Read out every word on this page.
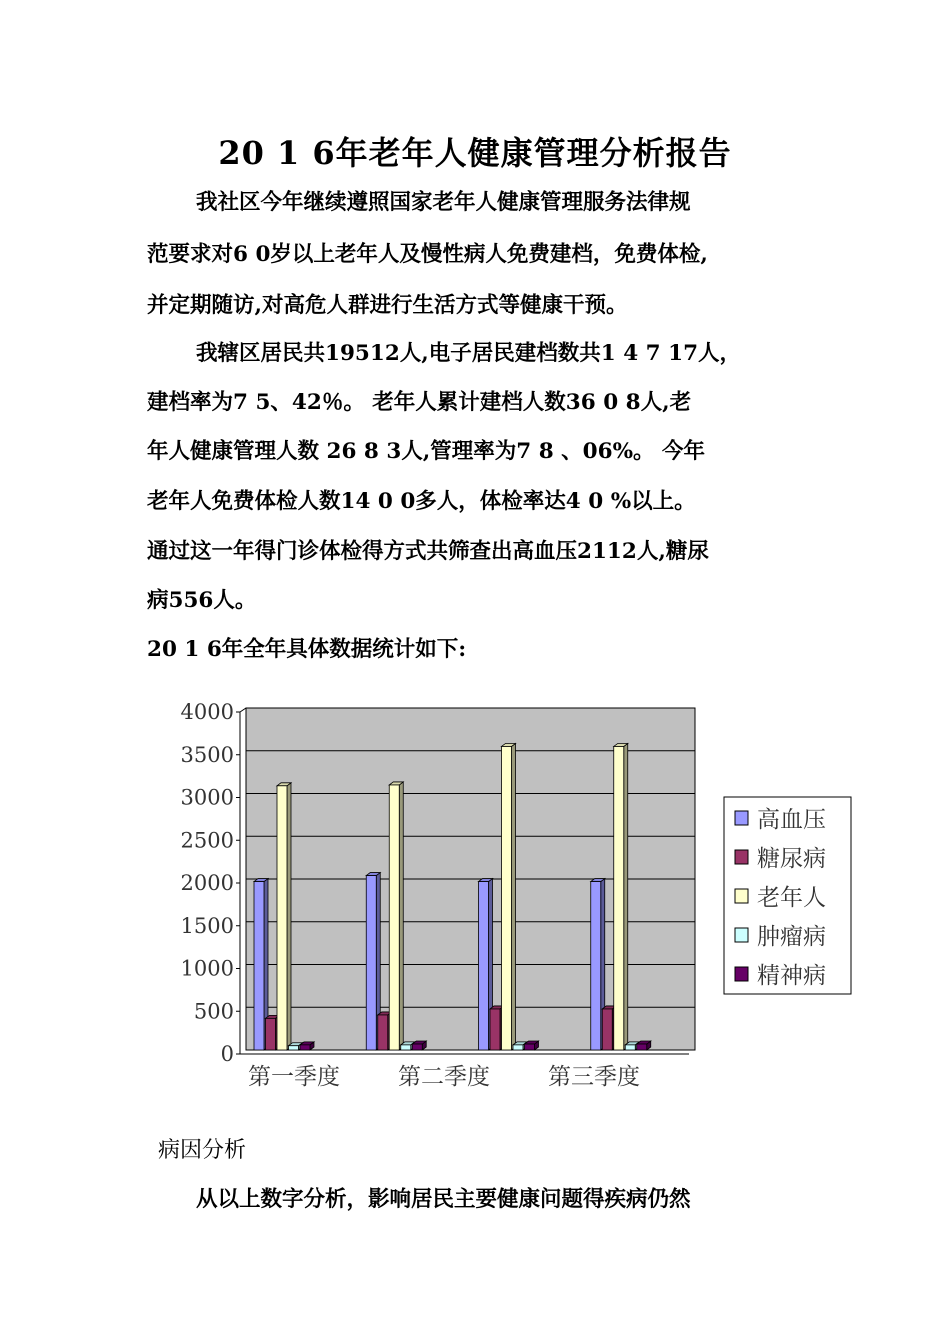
20 1 6年老年人健康管理分析报告
我社区今年继续遵照国家老年人健康管理服务法律规
范要求对6 0岁以上老年人及慢性病人免费建档，免费体检,
并定期随访,对高危人群进行生活方式等健康干预。
我辖区居民共19512人,电子居民建档数共1 4 7 17人，
建档率为7 5、42％。 老年人累计建档人数36 0 8人,老
年人健康管理人数 26 8 3人,管理率为7 8 、06%。 今年
老年人免费体检人数14 0 0多人，体检率达4 0 %以上。
通过这一年得门诊体检得方式共筛查出高血压2112人,糖尿
病556人。
20 1 6年全年具体数据统计如下:
0
500
1000
1500
2000
2500
3000
3500
4000
第一季度	第二季度	第三季度
高血压
糖尿病
老年人
肿瘤病
精神病
病因分析
从以上数字分析，影响居民主要健康问题得疾病仍然
